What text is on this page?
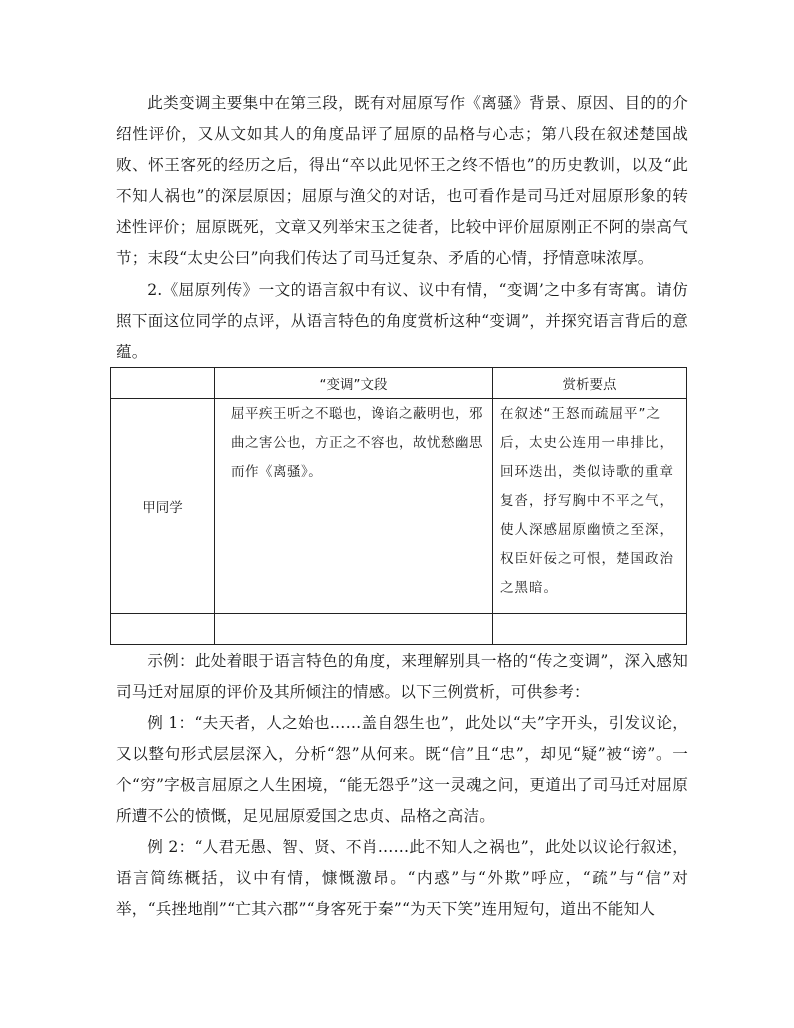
此类变调主要集中在第三段，既有对屈原写作《离骚》背景、原因、目的的介绍性评价，又从文如其人的角度品评了屈原的品格与心志；第八段在叙述楚国战败、怀王客死的经历之后，得出“卒以此见怀王之终不悟也”的历史教训，以及“此不知人祸也”的深层原因；屈原与渔父的对话，也可看作是司马迁对屈原形象的转述性评价；屈原既死，文章又列举宋玉之徒者，比较中评价屈原刚正不阿的崇高气节；末段“太史公曰”向我们传达了司马迁复杂、矛盾的心情，抒情意味浓厚。

2.《屈原列传》一文的语言叙中有议、议中有情，“变调’之中多有寄寓。请仿照下面这位同学的点评，从语言特色的角度赏析这种“变调”，并探究语言背后的意蕴。

	“变调”文段	赏析要点
甲同学	屈平疾王听之不聪也，谗谄之蔽明也，邪曲之害公也，方正之不容也，故忧愁幽思而作《离骚》。	在叙述“王怒而疏屈平”之后，太史公连用一串排比，回环迭出，类似诗歌的重章复沓，抒写胸中不平之气，使人深感屈原幽愤之至深，权臣奸佞之可恨，楚国政治之黑暗。

示例：此处着眼于语言特色的角度，来理解别具一格的“传之变调”，深入感知司马迁对屈原的评价及其所倾注的情感。以下三例赏析，可供参考：

例 1：“夫天者，人之始也……盖自怨生也”，此处以“夫”字开头，引发议论，又以整句形式层层深入，分析“怨”从何来。既“信”且“忠”，却见“疑”被“谤”。一个“穷”字极言屈原之人生困境，“能无怨乎”这一灵魂之问，更道出了司马迁对屈原所遭不公的愤慨，足见屈原爱国之忠贞、品格之高洁。

例 2：“人君无愚、智、贤、不肖……此不知人之祸也”，此处以议论行叙述，语言简练概括，议中有情，慷慨激昂。“内惑”与“外欺”呼应，“疏”与“信”对举，“兵挫地削”“亡其六郡”“身客死于秦”“为天下笑”连用短句，道出不能知人
